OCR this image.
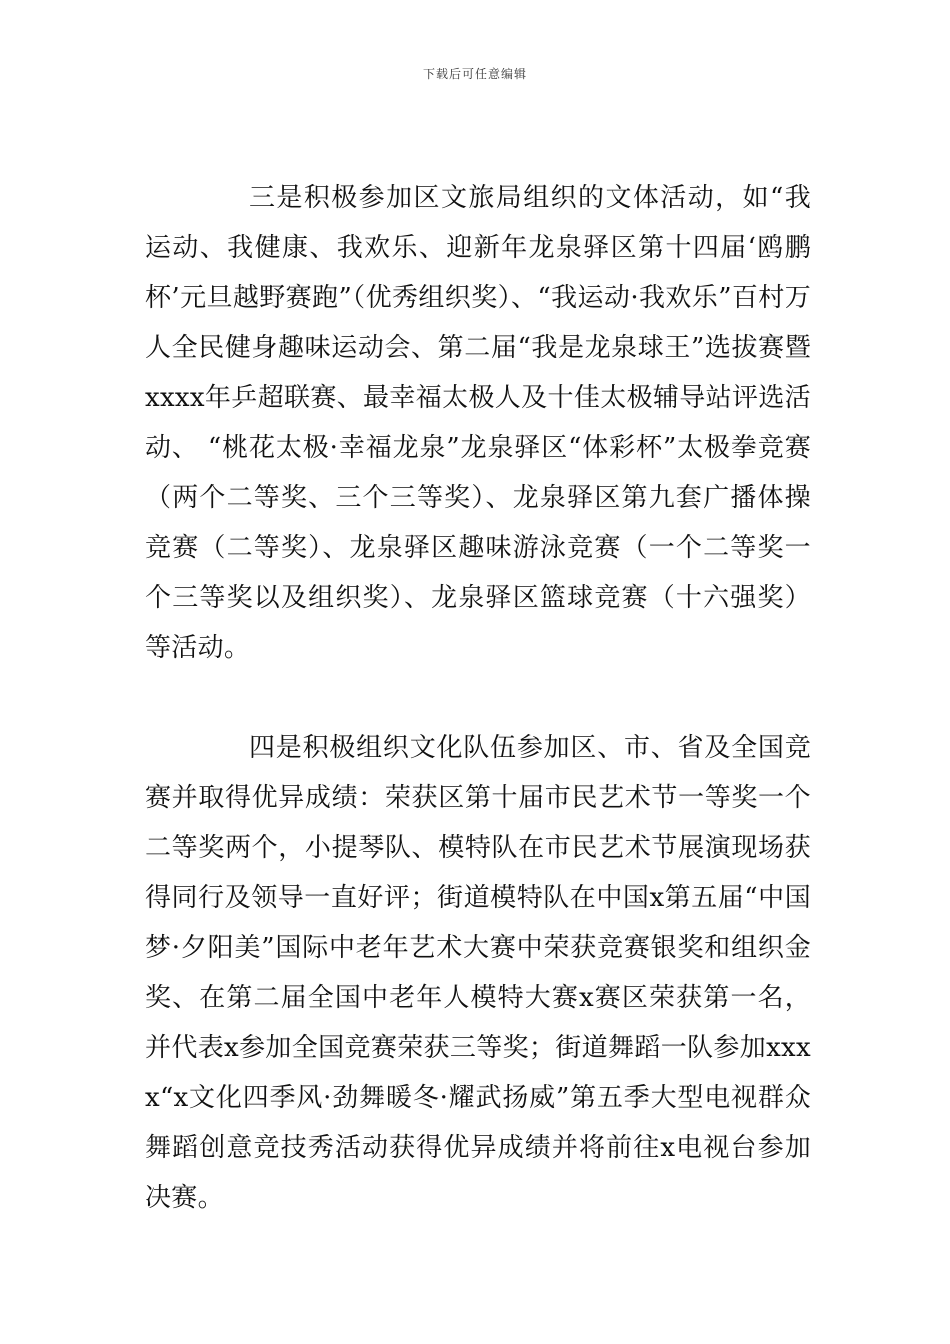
下载后可任意编辑

三是积极参加区文旅局组织的文体活动，如“我运动、我健康、我欢乐、迎新年龙泉驿区第十四届‘鸥鹏杯’元旦越野赛跑”（优秀组织奖）、“我运动·我欢乐”百村万人全民健身趣味运动会、第二届“我是龙泉球王”选拔赛暨xxxx年乒超联赛、最幸福太极人及十佳太极辅导站评选活动、 “桃花太极·幸福龙泉”龙泉驿区“体彩杯”太极拳竞赛（两个二等奖、三个三等奖）、龙泉驿区第九套广播体操竞赛（二等奖）、龙泉驿区趣味游泳竞赛（一个二等奖一个三等奖以及组织奖）、龙泉驿区篮球竞赛（十六强奖）等活动。

四是积极组织文化队伍参加区、市、省及全国竞赛并取得优异成绩：荣获区第十届市民艺术节一等奖一个二等奖两个，小提琴队、模特队在市民艺术节展演现场获得同行及领导一直好评；街道模特队在中国x第五届“中国梦·夕阳美”国际中老年艺术大赛中荣获竞赛银奖和组织金奖、在第二届全国中老年人模特大赛x赛区荣获第一名，并代表x参加全国竞赛荣获三等奖；街道舞蹈一队参加xxxx“x文化四季风·劲舞暖冬·耀武扬威”第五季大型电视群众舞蹈创意竞技秀活动获得优异成绩并将前往x电视台参加决赛。
